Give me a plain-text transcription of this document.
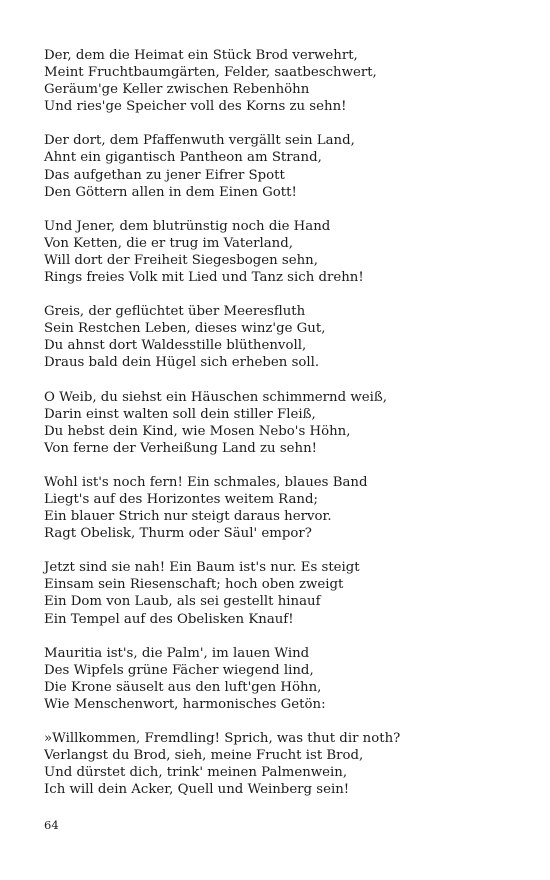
Der, dem die Heimat ein Stück Brod verwehrt,
Meint Fruchtbaumgärten, Felder, saatbeschwert,
Geräum'ge Keller zwischen Rebenhöhn
Und ries'ge Speicher voll des Korns zu sehn!
Der dort, dem Pfaffenwuth vergällt sein Land,
Ahnt ein gigantisch Pantheon am Strand,
Das aufgethan zu jener Eifrer Spott
Den Göttern allen in dem Einen Gott!
Und Jener, dem blutrünstig noch die Hand
Von Ketten, die er trug im Vaterland,
Will dort der Freiheit Siegesbogen sehn,
Rings freies Volk mit Lied und Tanz sich drehn!
Greis, der geflüchtet über Meeresfluth
Sein Restchen Leben, dieses winz'ge Gut,
Du ahnst dort Waldesstille blüthenvoll,
Draus bald dein Hügel sich erheben soll.
O Weib, du siehst ein Häuschen schimmernd weiß,
Darin einst walten soll dein stiller Fleiß,
Du hebst dein Kind, wie Mosen Nebo's Höhn,
Von ferne der Verheißung Land zu sehn!
Wohl ist's noch fern! Ein schmales, blaues Band
Liegt's auf des Horizontes weitem Rand;
Ein blauer Strich nur steigt daraus hervor.
Ragt Obelisk, Thurm oder Säul' empor?
Jetzt sind sie nah! Ein Baum ist's nur. Es steigt
Einsam sein Riesenschaft; hoch oben zweigt
Ein Dom von Laub, als sei gestellt hinauf
Ein Tempel auf des Obelisken Knauf!
Mauritia ist's, die Palm', im lauen Wind
Des Wipfels grüne Fächer wiegend lind,
Die Krone säuselt aus den luft'gen Höhn,
Wie Menschenwort, harmonisches Getön:
»Willkommen, Fremdling! Sprich, was thut dir noth?
Verlangst du Brod, sieh, meine Frucht ist Brod,
Und dürstet dich, trink' meinen Palmenwein,
Ich will dein Acker, Quell und Weinberg sein!
64
